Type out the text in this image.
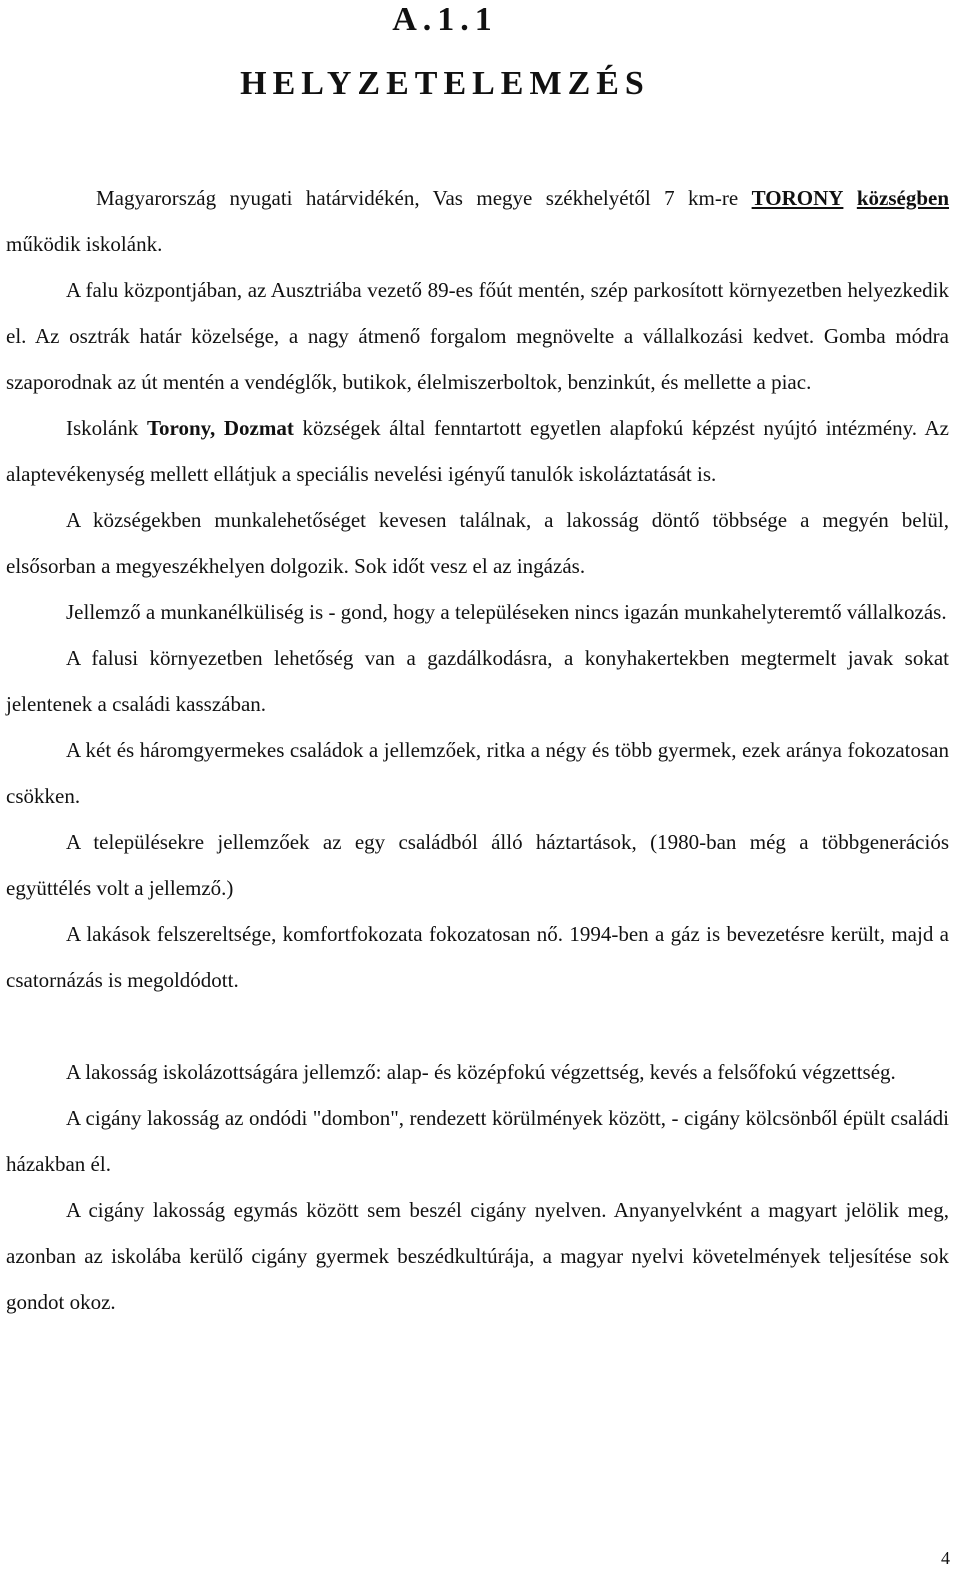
A.1.1
HELYZETELEMZÉS

Magyarország nyugati határvidékén, Vas megye székhelyétől 7 km-re TORONY községben működik iskolánk.

A falu központjában, az Ausztriába vezető 89-es főút mentén, szép parkosított környezetben helyezkedik el. Az osztrák határ közelsége, a nagy átmenő forgalom megnövelte a vállalkozási kedvet. Gomba módra szaporodnak az út mentén a vendéglők, butikok, élelmiszerboltok, benzinkút, és mellette a piac.

Iskolánk Torony, Dozmat községek által fenntartott egyetlen alapfokú képzést nyújtó intézmény. Az alaptevékenység mellett ellátjuk a speciális nevelési igényű tanulók iskoláztatását is.

A községekben munkalehetőséget kevesen találnak, a lakosság döntő többsége a megyén belül, elsősorban a megyeszékhelyen dolgozik. Sok időt vesz el az ingázás.

Jellemző a munkanélküliség is - gond, hogy a településeken nincs igazán munkahelyteremtő vállalkozás.

A falusi környezetben lehetőség van a gazdálkodásra, a konyhakertekben megtermelt javak sokat jelentenek a családi kasszában.

A két és háromgyermekes családok a jellemzőek, ritka a négy és több gyermek, ezek aránya fokozatosan csökken.

A településekre jellemzőek az egy családból álló háztartások, (1980-ban még a többgenerációs együttélés volt a jellemző.)

A lakások felszereltsége, komfortfokozata fokozatosan nő. 1994-ben a gáz is bevezetésre került, majd a csatornázás is megoldódott.

A lakosság iskolázottságára jellemző: alap- és középfokú végzettség, kevés a felsőfokú végzettség.

A cigány lakosság az ondódi "dombon", rendezett körülmények között, - cigány kölcsönből épült családi házakban él.

A cigány lakosság egymás között sem beszél cigány nyelven. Anyanyelvként a magyart jelölik meg, azonban az iskolába kerülő cigány gyermek beszédkultúrája, a magyar nyelvi követelmények teljesítése sok gondot okoz.

4
